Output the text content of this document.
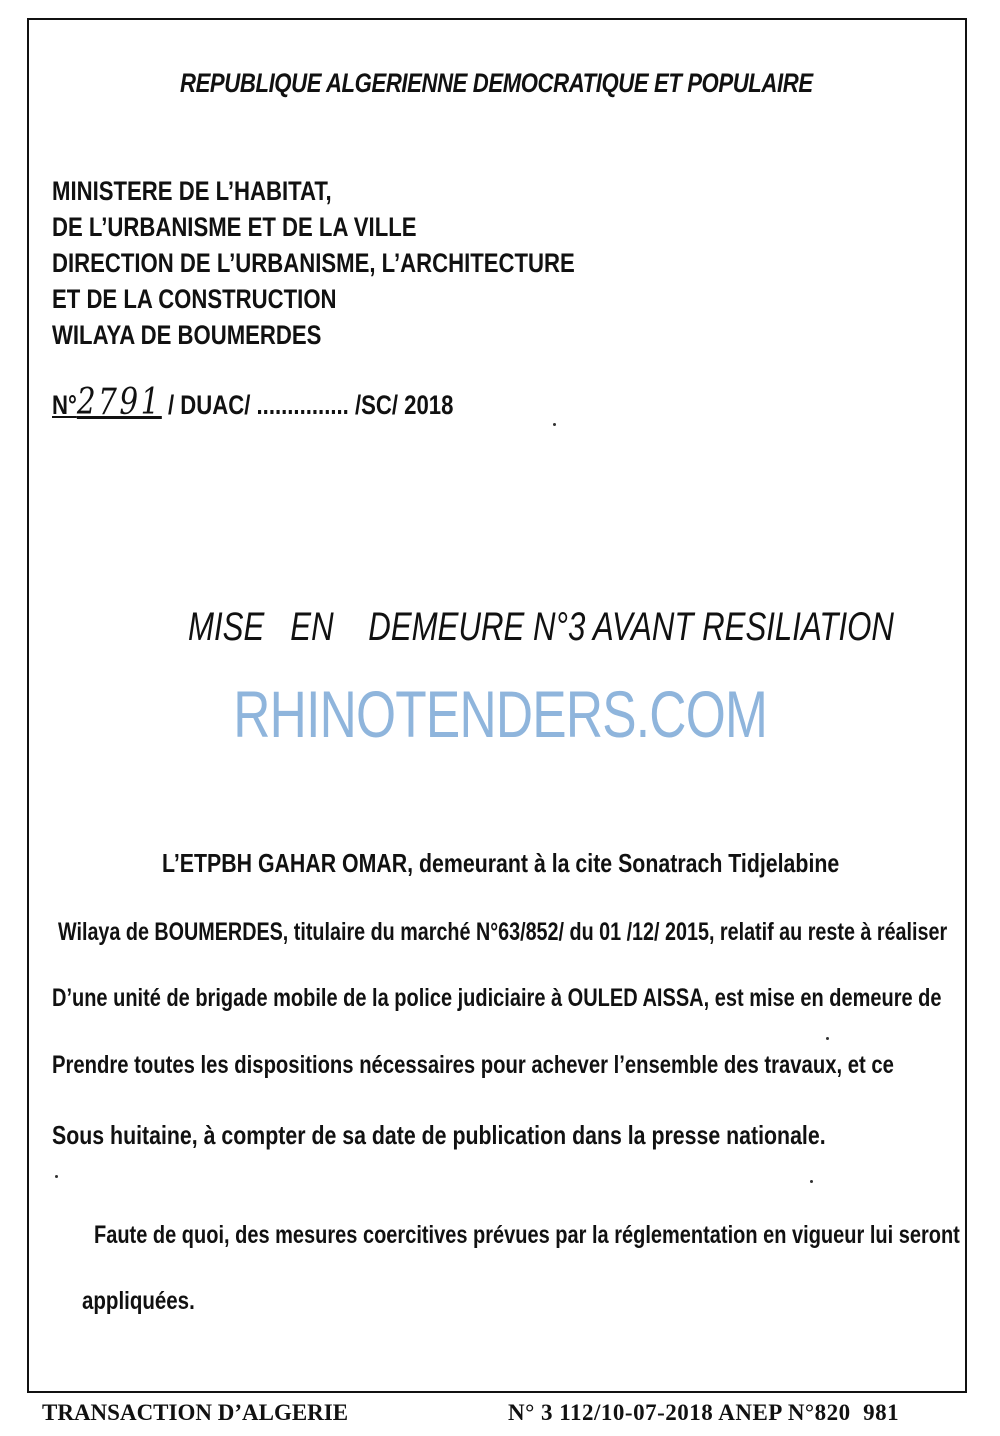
REPUBLIQUE ALGERIENNE DEMOCRATIQUE ET POPULAIRE
MINISTERE DE L’HABITAT,
DE L’URBANISME ET DE LA VILLE
DIRECTION DE L’URBANISME, L’ARCHITECTURE
ET DE LA CONSTRUCTION
WILAYA DE BOUMERDES
N°2791 / DUAC/ ............... /SC/ 2018
MISE   EN    DEMEURE N°3 AVANT RESILIATION
RHINOTENDERS.COM
L’ETPBH GAHAR OMAR, demeurant à la cite Sonatrach Tidjelabine
Wilaya de BOUMERDES, titulaire du marché N°63/852/ du 01 /12/ 2015, relatif au reste à réaliser
D’une unité de brigade mobile de la police judiciaire à OULED AISSA, est mise en demeure de
Prendre toutes les dispositions nécessaires pour achever l’ensemble des travaux, et ce
Sous huitaine, à compter de sa date de publication dans la presse nationale.
Faute de quoi, des mesures coercitives prévues par la réglementation en vigueur lui seront
appliquées.
TRANSACTION D’ALGERIE	N° 3 112/10-07-2018 ANEP N°820  981
